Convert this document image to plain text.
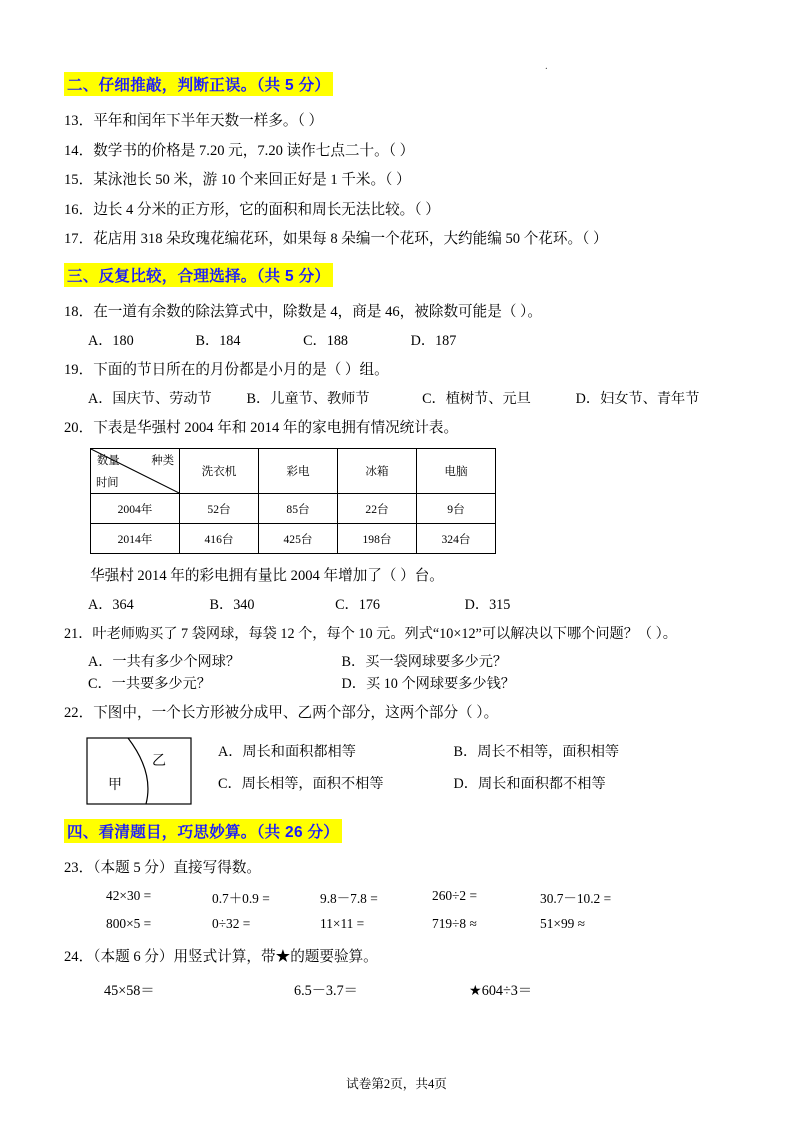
.
二、仔细推敲，判断正误。（共 5 分）
13．平年和闰年下半年天数一样多。（ ）
14．数学书的价格是 7.20 元，7.20 读作七点二十。（ ）
15．某泳池长 50 米，游 10 个来回正好是 1 千米。（ ）
16．边长 4 分米的正方形，它的面积和周长无法比较。（ ）
17．花店用 318 朵玫瑰花编花环，如果每 8 朵编一个花环，大约能编 50 个花环。（ ）
三、反复比较，合理选择。（共 5 分）
18．在一道有余数的除法算式中，除数是 4，商是 46，被除数可能是（ ）。
A．180	B．184	C．188	D．187
19．下面的节日所在的月份都是小月的是（ ）组。
A．国庆节、劳动节 B．儿童节、教师节	C．植树节、元旦	D．妇女节、青年节
20．下表是华强村 2004 年和 2014 年的家电拥有情况统计表。
种类
时间
数量	洗衣机	彩电	冰箱	电脑
2004年	52台	85台	22台	9台
2014年	416台	425台	198台	324台
华强村 2014 年的彩电拥有量比 2004 年增加了（ ）台。
A．364	B．340	C．176	D．315
21．叶老师购买了 7 袋网球，每袋 12 个，每个 10 元。列式“10×12”可以解决以下哪个问题？（ ）。
A．一共有多少个网球？	B．买一袋网球要多少元？
C．一共要多少元？	D．买 10 个网球要多少钱？
22．下图中，一个长方形被分成甲、乙两个部分，这两个部分（ ）。
甲
乙
A．周长和面积都相等	B．周长不相等，面积相等
C．周长相等，面积不相等	D．周长和面积都不相等
四、看清题目，巧思妙算。（共 26 分）
23．（本题 5 分）直接写得数。
42×30 =	0.7＋0.9 =	9.8－7.8 =	260÷2 =	30.7－10.2 =
800×5 =	0÷32 =	11×11 =	719÷8 ≈	51×99 ≈
24．（本题 6 分）用竖式计算，带★的题要验算。
45×58＝	6.5－3.7＝	★604÷3＝
试卷第2页，共4页
